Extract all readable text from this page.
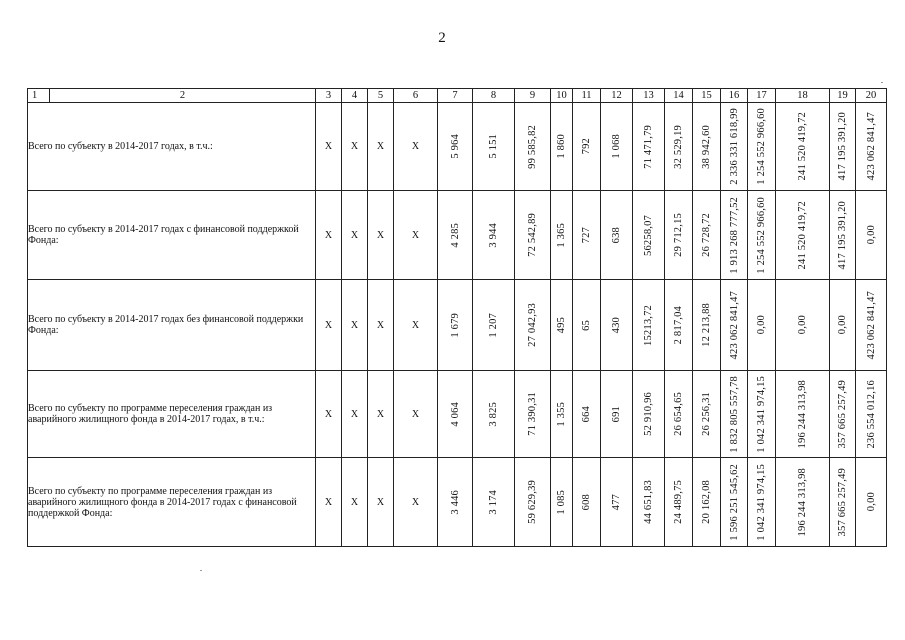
2
1	2	3	4	5	6	7	8	9	10	11	12	13	14	15	16	17	18	19	20
Всего по субъекту в 2014-2017 годах, в т.ч.:		Х	Х	Х	Х	5 964	5 151	99 585,82	1 860	792	1 068	71 471,79	32 529,19	38 942,60	2 336 331 618,99	1 254 552 966,60	241 520 419,72	417 195 391,20	423 062 841,47

Всего по субъекту в 2014-2017 годах с финансовой поддержкой Фонда:		Х	Х	Х	Х	4 285	3 944	72 542,89	1 365	727	638	56258,07	29 712,15	26 728,72	1 913 268 777,52	1 254 552 966,60	241 520 419,72	417 195 391,20	0,00

Всего по субъекту в 2014-2017 годах без финансовой поддержки Фонда:		Х	Х	Х	Х	1 679	1 207	27 042,93	495	65	430	15213,72	2 817,04	12 213,88	423 062 841,47	0,00	0,00	0,00	423 062 841,47

Всего по субъекту по программе переселения граждан из аварийного жилищного фонда в 2014-2017 годах, в т.ч.:		Х	Х	Х	Х	4 064	3 825	71 390,31	1 355	664	691	52 910,96	26 654,65	26 256,31	1 832 805 557,78	1 042 341 974,15	196 244 313,98	357 665 257,49	236 554 012,16

Всего по субъекту по программе переселения граждан из аварийного жилищного фонда в 2014-2017 годах с финансовой поддержкой Фонда:		Х	Х	Х	Х	3 446	3 174	59 629,39	1 085	608	477	44 651,83	24 489,75	20 162,08	1 596 251 545,62	1 042 341 974,15	196 244 313,98	357 665 257,49	0,00
